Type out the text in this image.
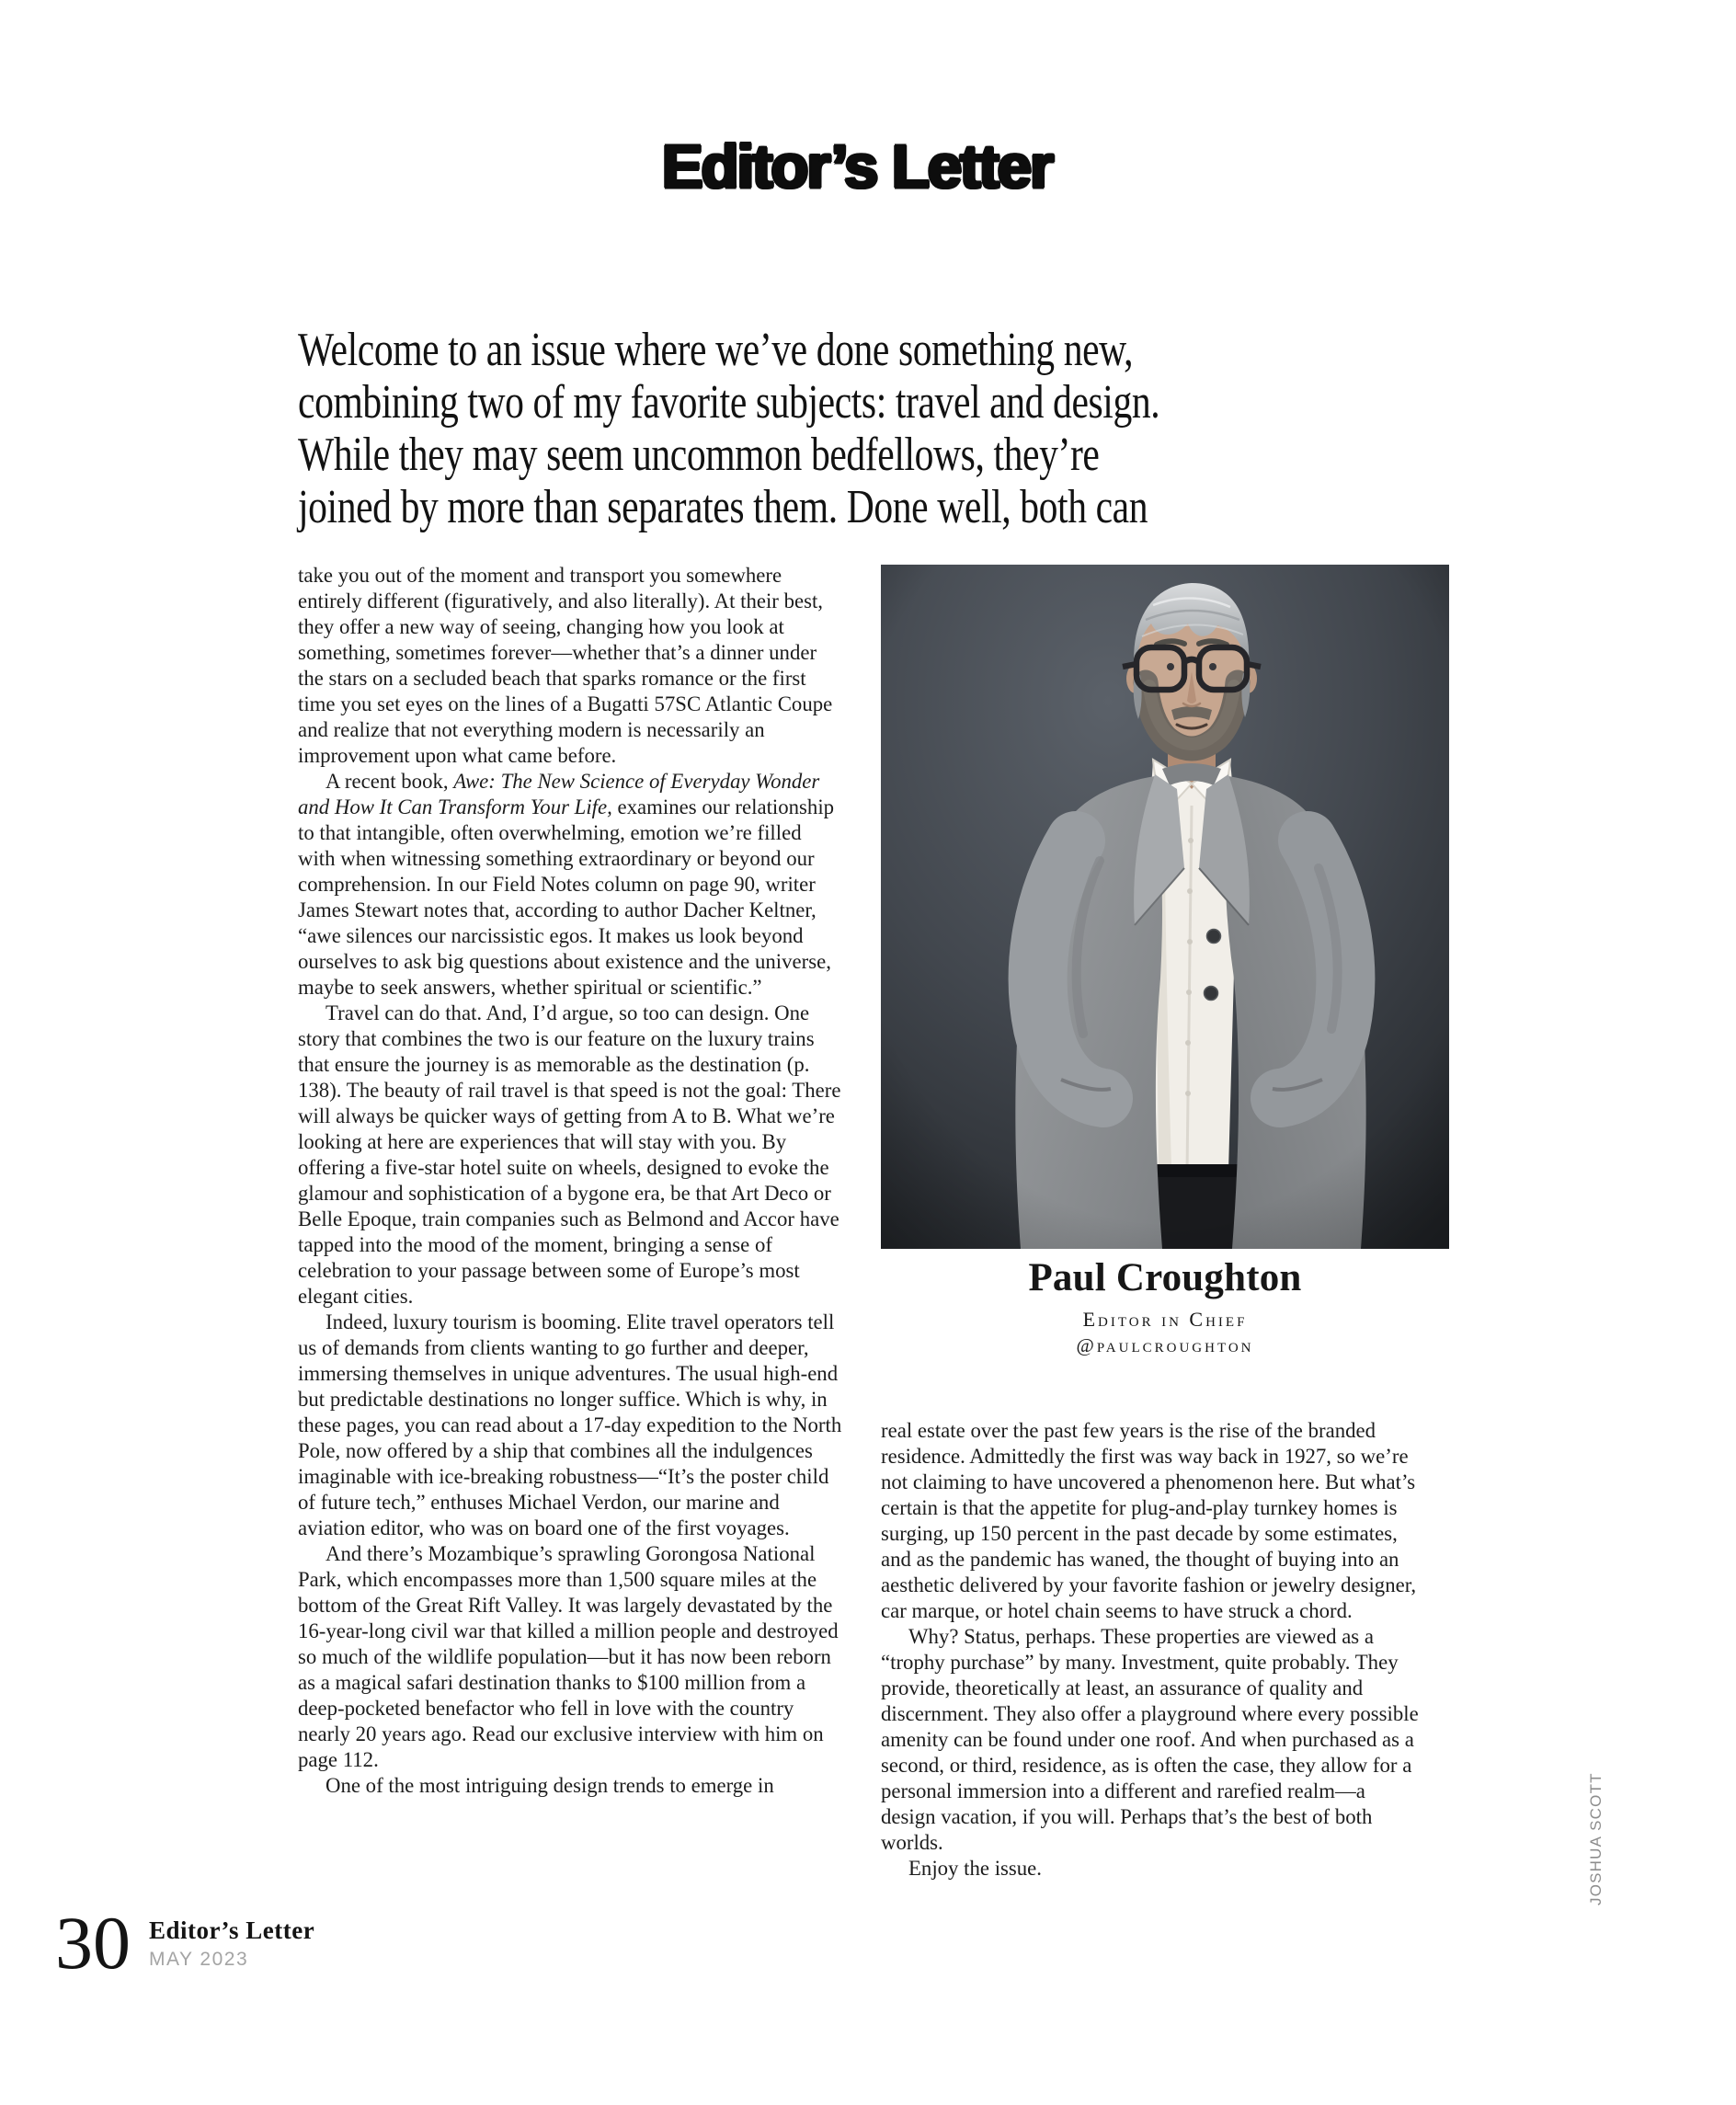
Editor’s Letter
Welcome to an issue where we’ve done something new,
combining two of my favorite subjects: travel and design.
While they may seem uncommon bedfellows, they’re
joined by more than separates them. Done well, both can

take you out of the moment and transport you somewhere entirely different (figuratively, and also literally). At their best, they offer a new way of seeing, changing how you look at something, sometimes forever—whether that’s a dinner under the stars on a secluded beach that sparks romance or the first time you set eyes on the lines of a Bugatti 57SC Atlantic Coupe and realize that not everything modern is necessarily an improvement upon what came before.

A recent book, Awe: The New Science of Everyday Wonder and How It Can Transform Your Life, examines our relationship to that intangible, often overwhelming, emotion we’re filled with when witnessing something extraordinary or beyond our comprehension. In our Field Notes column on page 90, writer James Stewart notes that, according to author Dacher Keltner, “awe silences our narcissistic egos. It makes us look beyond ourselves to ask big questions about existence and the universe, maybe to seek answers, whether spiritual or scientific.”

Travel can do that. And, I’d argue, so too can design. One story that combines the two is our feature on the luxury trains that ensure the journey is as memorable as the destination (p. 138). The beauty of rail travel is that speed is not the goal: There will always be quicker ways of getting from A to B. What we’re looking at here are experiences that will stay with you. By offering a five-star hotel suite on wheels, designed to evoke the glamour and sophistication of a bygone era, be that Art Deco or Belle Epoque, train companies such as Belmond and Accor have tapped into the mood of the moment, bringing a sense of celebration to your passage between some of Europe’s most elegant cities.

Indeed, luxury tourism is booming. Elite travel operators tell us of demands from clients wanting to go further and deeper, immersing themselves in unique adventures. The usual high-end but predictable destinations no longer suffice. Which is why, in these pages, you can read about a 17-day expedition to the North Pole, now offered by a ship that combines all the indulgences imaginable with ice-breaking robustness—“It’s the poster child of future tech,” enthuses Michael Verdon, our marine and aviation editor, who was on board one of the first voyages.

And there’s Mozambique’s sprawling Gorongosa National Park, which encompasses more than 1,500 square miles at the bottom of the Great Rift Valley. It was largely devastated by the 16-year-long civil war that killed a million people and destroyed so much of the wildlife population—but it has now been reborn as a magical safari destination thanks to $100 million from a deep-pocketed benefactor who fell in love with the country nearly 20 years ago. Read our exclusive interview with him on page 112.

One of the most intriguing design trends to emerge in

Paul Croughton
Editor in Chief
@paulcroughton

real estate over the past few years is the rise of the branded residence. Admittedly the first was way back in 1927, so we’re not claiming to have uncovered a phenomenon here. But what’s certain is that the appetite for plug-and-play turnkey homes is surging, up 150 percent in the past decade by some estimates, and as the pandemic has waned, the thought of buying into an aesthetic delivered by your favorite fashion or jewelry designer, car marque, or hotel chain seems to have struck a chord.

Why? Status, perhaps. These properties are viewed as a “trophy purchase” by many. Investment, quite probably. They provide, theoretically at least, an assurance of quality and discernment. They also offer a playground where every possible amenity can be found under one roof. And when purchased as a second, or third, residence, as is often the case, they allow for a personal immersion into a different and rarefied realm—a design vacation, if you will. Perhaps that’s the best of both worlds.

Enjoy the issue.	JOSHUA SCOTT
30 Editor’s Letter
MAY 2023
